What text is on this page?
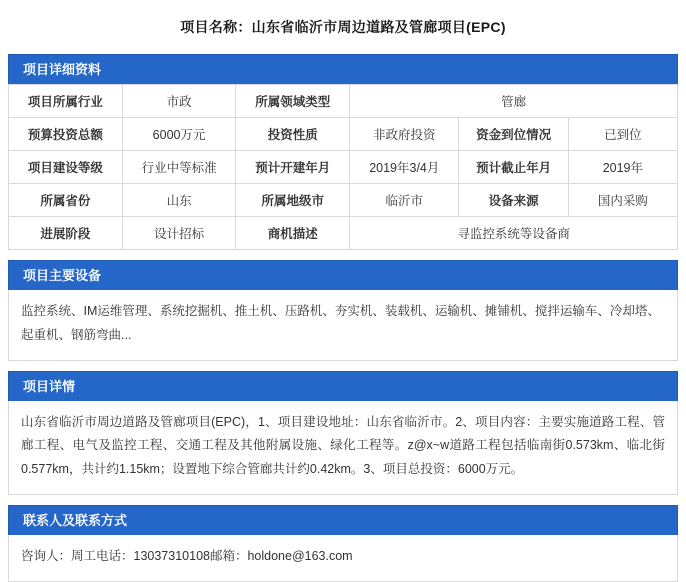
项目名称：山东省临沂市周边道路及管廊项目(EPC)
项目详细资料
项目所属行业	市政	所属领域类型	管廊		
预算投资总额	6000万元	投资性质	非政府投资	资金到位情况	已到位
项目建设等级	行业中等标准	预计开建年月	2019年3/4月	预计截止年月	2019年
所属省份	山东	所属地级市	临沂市	设备来源	国内采购
进展阶段	设计招标	商机描述	寻监控系统等设备商		
项目主要设备
监控系统、IM运维管理、系统挖掘机、推土机、压路机、夯实机、装载机、运输机、摊铺机、搅拌运输车、冷却塔、起重机、钢筋弯曲...
项目详情
山东省临沂市周边道路及管廊项目(EPC)，1、项目建设地址：山东省临沂市。2、项目内容：主要实施道路工程、管廊工程、电气及监控工程、交通工程及其他附属设施、绿化工程等。z@x~w道路工程包括临南街0.573km、临北街0.577km，共计约1.15km；设置地下综合管廊共计约0.42km。3、项目总投资：6000万元。
联系人及联系方式
咨询人：周工电话：13037310108邮箱：holdone@163.com
